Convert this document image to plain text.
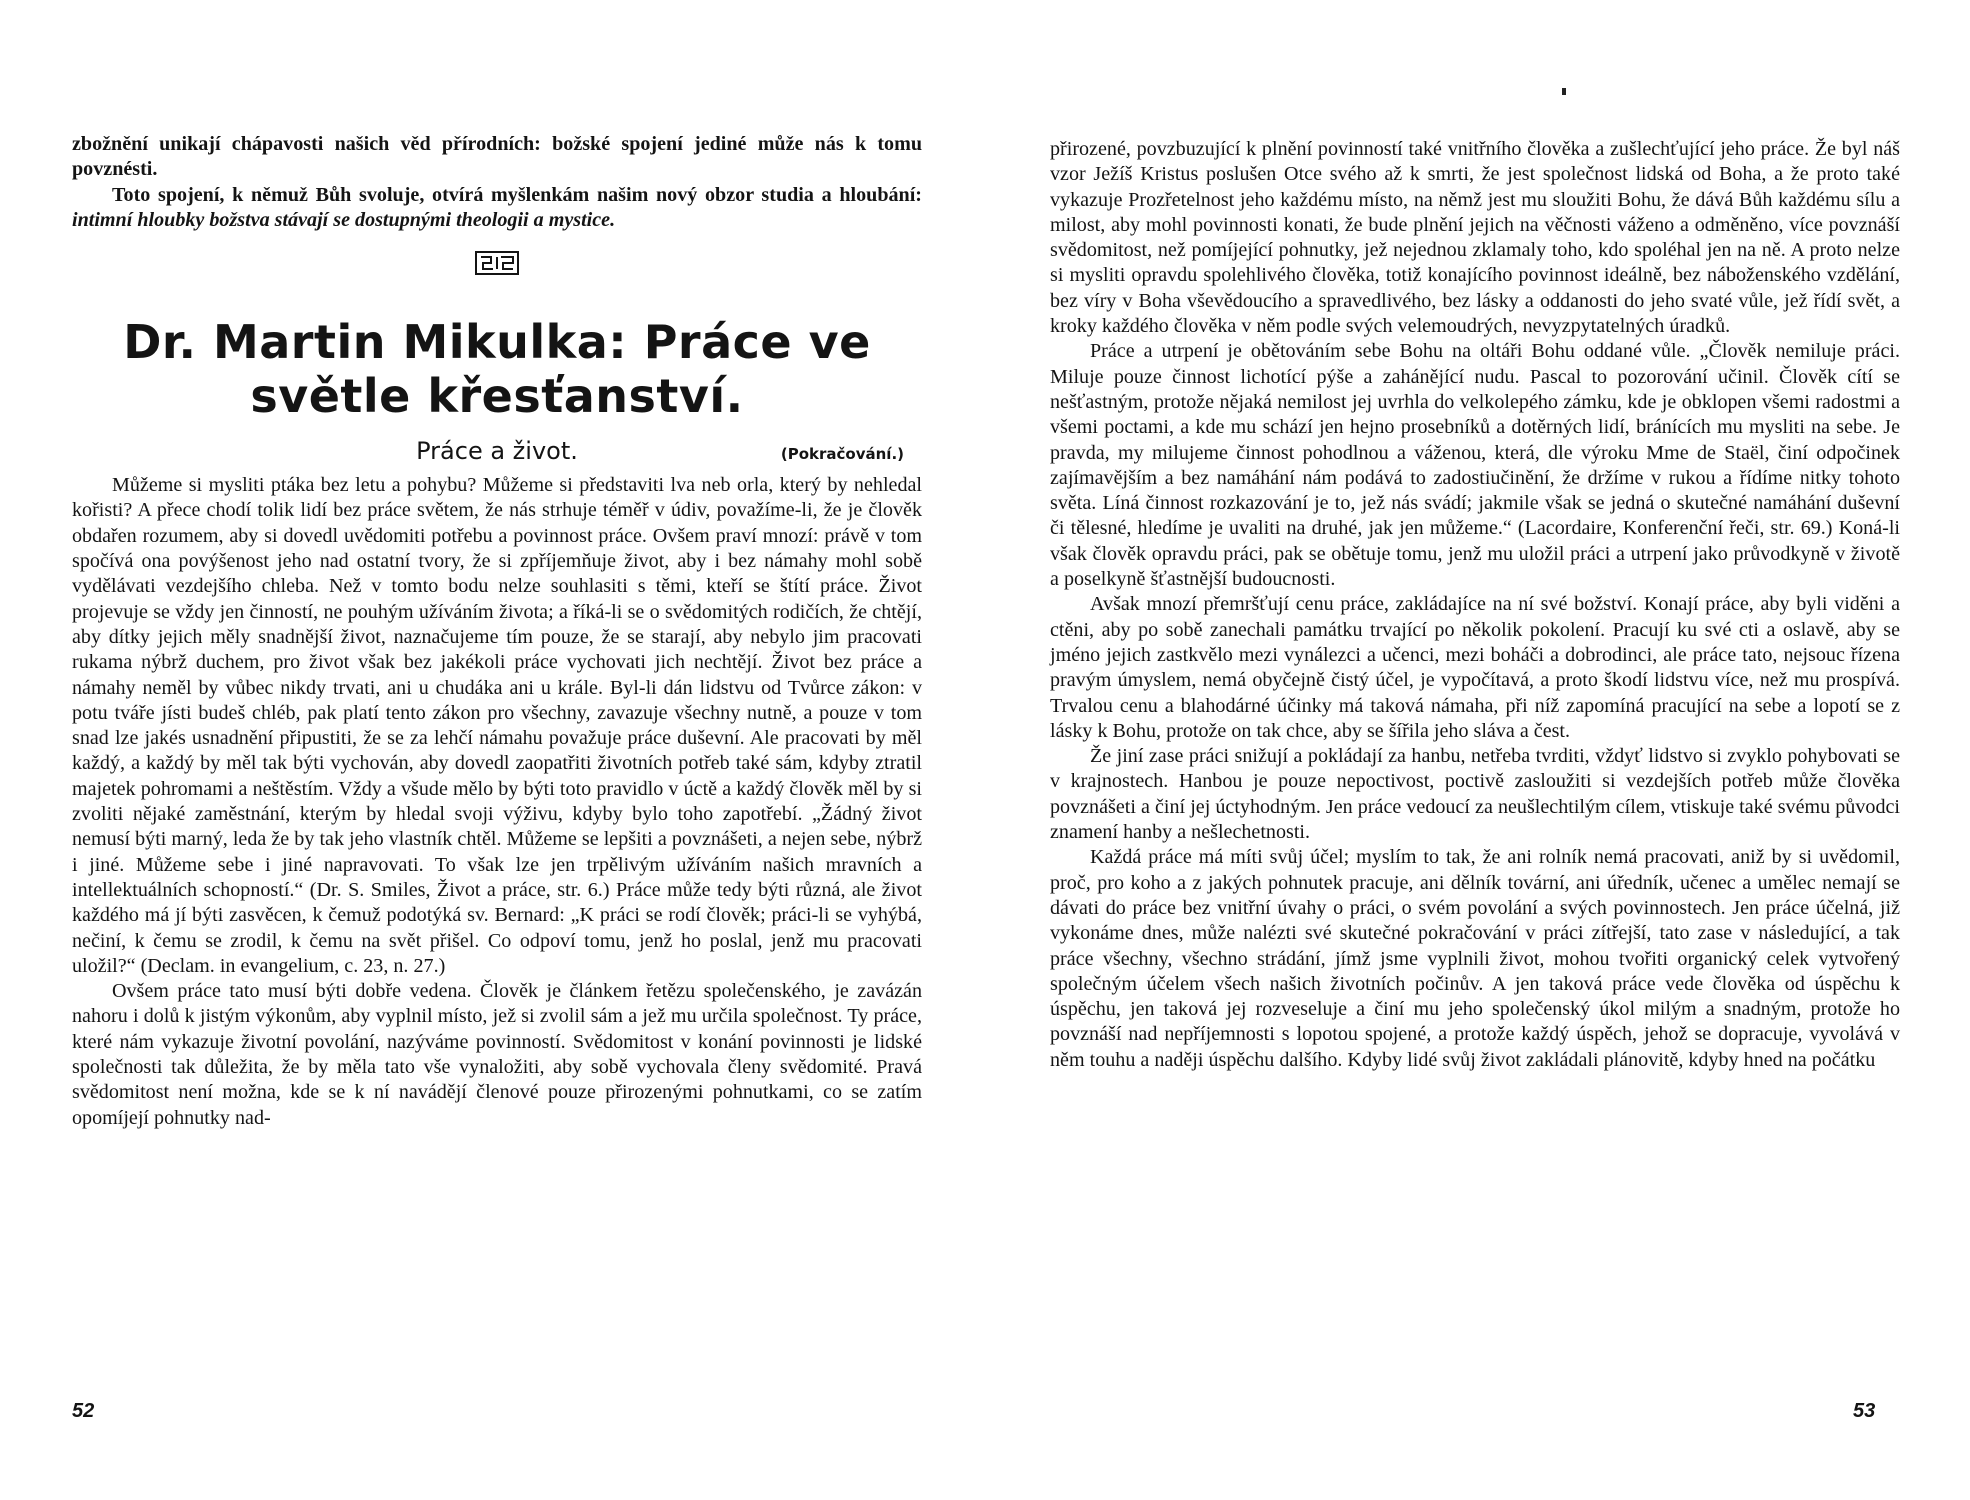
zbožnění unikají chápavosti našich věd přírodních: božské spojení jediné může nás k tomu povznésti.

Toto spojení, k němuž Bůh svoluje, otvírá myšlenkám našim nový obzor studia a hloubání: intimní hloubky božstva stávají se dostupnými theologii a mystice.

Dr. Martin Mikulka: Práce ve světle křesťanství.
Práce a život.	(Pokračování.)

Můžeme si mysliti ptáka bez letu a pohybu? Můžeme si představiti lva neb orla, který by nehledal kořisti? A přece chodí tolik lidí bez práce světem, že nás strhuje téměř v údiv, považíme-li, že je člověk obdařen rozumem, aby si dovedl uvědomiti potřebu a povinnost práce. Ovšem praví mnozí: právě v tom spočívá ona povýšenost jeho nad ostatní tvory, že si zpříjemňuje život, aby i bez námahy mohl sobě vydělávati vezdejšího chleba. Než v tomto bodu nelze souhlasiti s těmi, kteří se štítí práce. Život projevuje se vždy jen činností, ne pouhým užíváním života; a říká-li se o svědomitých rodičích, že chtějí, aby dítky jejich měly snadnější život, naznačujeme tím pouze, že se starají, aby nebylo jim pracovati rukama nýbrž duchem, pro život však bez jakékoli práce vychovati jich nechtějí. Život bez práce a námahy neměl by vůbec nikdy trvati, ani u chudáka ani u krále. Byl-li dán lidstvu od Tvůrce zákon: v potu tváře jísti budeš chléb, pak platí tento zákon pro všechny, zavazuje všechny nutně, a pouze v tom snad lze jakés usnadnění připustiti, že se za lehčí námahu považuje práce duševní. Ale pracovati by měl každý, a každý by měl tak býti vychován, aby dovedl zaopatřiti životních potřeb také sám, kdyby ztratil majetek pohromami a neštěstím. Vždy a všude mělo by býti toto pravidlo v úctě a každý člověk měl by si zvoliti nějaké zaměstnání, kterým by hledal svoji výživu, kdyby bylo toho zapotřebí. „Žádný život nemusí býti marný, leda že by tak jeho vlastník chtěl. Můžeme se lepšiti a povznášeti, a nejen sebe, nýbrž i jiné. Můžeme sebe i jiné napravovati. To však lze jen trpělivým užíváním našich mravních a intellektuálních schopností.“ (Dr. S. Smiles, Život a práce, str. 6.) Práce může tedy býti různá, ale život každého má jí býti zasvěcen, k čemuž podotýká sv. Bernard: „K práci se rodí člověk; práci-li se vyhýbá, nečiní, k čemu se zrodil, k čemu na svět přišel. Co odpoví tomu, jenž ho poslal, jenž mu pracovati uložil?“ (Declam. in evangelium, c. 23, n. 27.)

Ovšem práce tato musí býti dobře vedena. Člověk je článkem řetězu společenského, je zavázán nahoru i dolů k jistým výkonům, aby vyplnil místo, jež si zvolil sám a jež mu určila společnost. Ty práce, které nám vykazuje životní povolání, nazýváme povinností. Svědomitost v konání povinnosti je lidské společnosti tak důležita, že by měla tato vše vynaložiti, aby sobě vychovala členy svědomité. Pravá svědomitost není možna, kde se k ní navádějí členové pouze přirozenými pohnutkami, co se zatím opomíjejí pohnutky nad-

52

přirozené, povzbuzující k plnění povinností také vnitřního člověka a zušlechťující jeho práce. Že byl náš vzor Ježíš Kristus poslušen Otce svého až k smrti, že jest společnost lidská od Boha, a že proto také vykazuje Prozřetelnost jeho každému místo, na němž jest mu sloužiti Bohu, že dává Bůh každému sílu a milost, aby mohl povinnosti konati, že bude plnění jejich na věčnosti váženo a odměněno, více povznáší svědomitost, než pomíjející pohnutky, jež nejednou zklamaly toho, kdo spoléhal jen na ně. A proto nelze si mysliti opravdu spolehlivého člověka, totiž konajícího povinnost ideálně, bez náboženského vzdělání, bez víry v Boha vševědoucího a spravedlivého, bez lásky a oddanosti do jeho svaté vůle, jež řídí svět, a kroky každého člověka v něm podle svých velemoudrých, nevyzpytatelných úradků.

Práce a utrpení je obětováním sebe Bohu na oltáři Bohu oddané vůle. „Člověk nemiluje práci. Miluje pouze činnost lichotící pýše a zahánějící nudu. Pascal to pozorování učinil. Člověk cítí se nešťastným, protože nějaká nemilost jej uvrhla do velkolepého zámku, kde je obklopen všemi radostmi a všemi poctami, a kde mu schází jen hejno prosebníků a dotěrných lidí, bránících mu mysliti na sebe. Je pravda, my milujeme činnost pohodlnou a váženou, která, dle výroku Mme de Staël, činí odpočinek zajímavějším a bez namáhání nám podává to zadostiučinění, že držíme v rukou a řídíme nitky tohoto světa. Líná činnost rozkazování je to, jež nás svádí; jakmile však se jedná o skutečné namáhání duševní či tělesné, hledíme je uvaliti na druhé, jak jen můžeme.“ (Lacordaire, Konferenční řeči, str. 69.) Koná-li však člověk opravdu práci, pak se obětuje tomu, jenž mu uložil práci a utrpení jako průvodkyně v životě a poselkyně šťastnější budoucnosti.

Avšak mnozí přemršťují cenu práce, zakládajíce na ní své božství. Konají práce, aby byli viděni a ctěni, aby po sobě zanechali památku trvající po několik pokolení. Pracují ku své cti a oslavě, aby se jméno jejich zastkvělo mezi vynálezci a učenci, mezi boháči a dobrodinci, ale práce tato, nejsouc řízena pravým úmyslem, nemá obyčejně čistý účel, je vypočítavá, a proto škodí lidstvu více, než mu prospívá. Trvalou cenu a blahodárné účinky má taková námaha, při níž zapomíná pracující na sebe a lopotí se z lásky k Bohu, protože on tak chce, aby se šířila jeho sláva a čest.

Že jiní zase práci snižují a pokládají za hanbu, netřeba tvrditi, vždyť lidstvo si zvyklo pohybovati se v krajnostech. Hanbou je pouze nepoctivost, poctivě zasloužiti si vezdejších potřeb může člověka povznášeti a činí jej úctyhodným. Jen práce vedoucí za neušlechtilým cílem, vtiskuje také svému původci znamení hanby a nešlechetnosti.

Každá práce má míti svůj účel; myslím to tak, že ani rolník nemá pracovati, aniž by si uvědomil, proč, pro koho a z jakých pohnutek pracuje, ani dělník tovární, ani úředník, učenec a umělec nemají se dávati do práce bez vnitřní úvahy o práci, o svém povolání a svých povinnostech. Jen práce účelná, již vykonáme dnes, může nalézti své skutečné pokračování v práci zítřejší, tato zase v následující, a tak práce všechny, všechno strádání, jímž jsme vyplnili život, mohou tvořiti organický celek vytvořený společným účelem všech našich životních počinův. A jen taková práce vede člověka od úspěchu k úspěchu, jen taková jej rozveseluje a činí mu jeho společenský úkol milým a snadným, protože ho povznáší nad nepříjemnosti s lopotou spojené, a protože každý úspěch, jehož se dopracuje, vyvolává v něm touhu a naději úspěchu dalšího. Kdyby lidé svůj život zakládali plánovitě, kdyby hned na počátku

53
